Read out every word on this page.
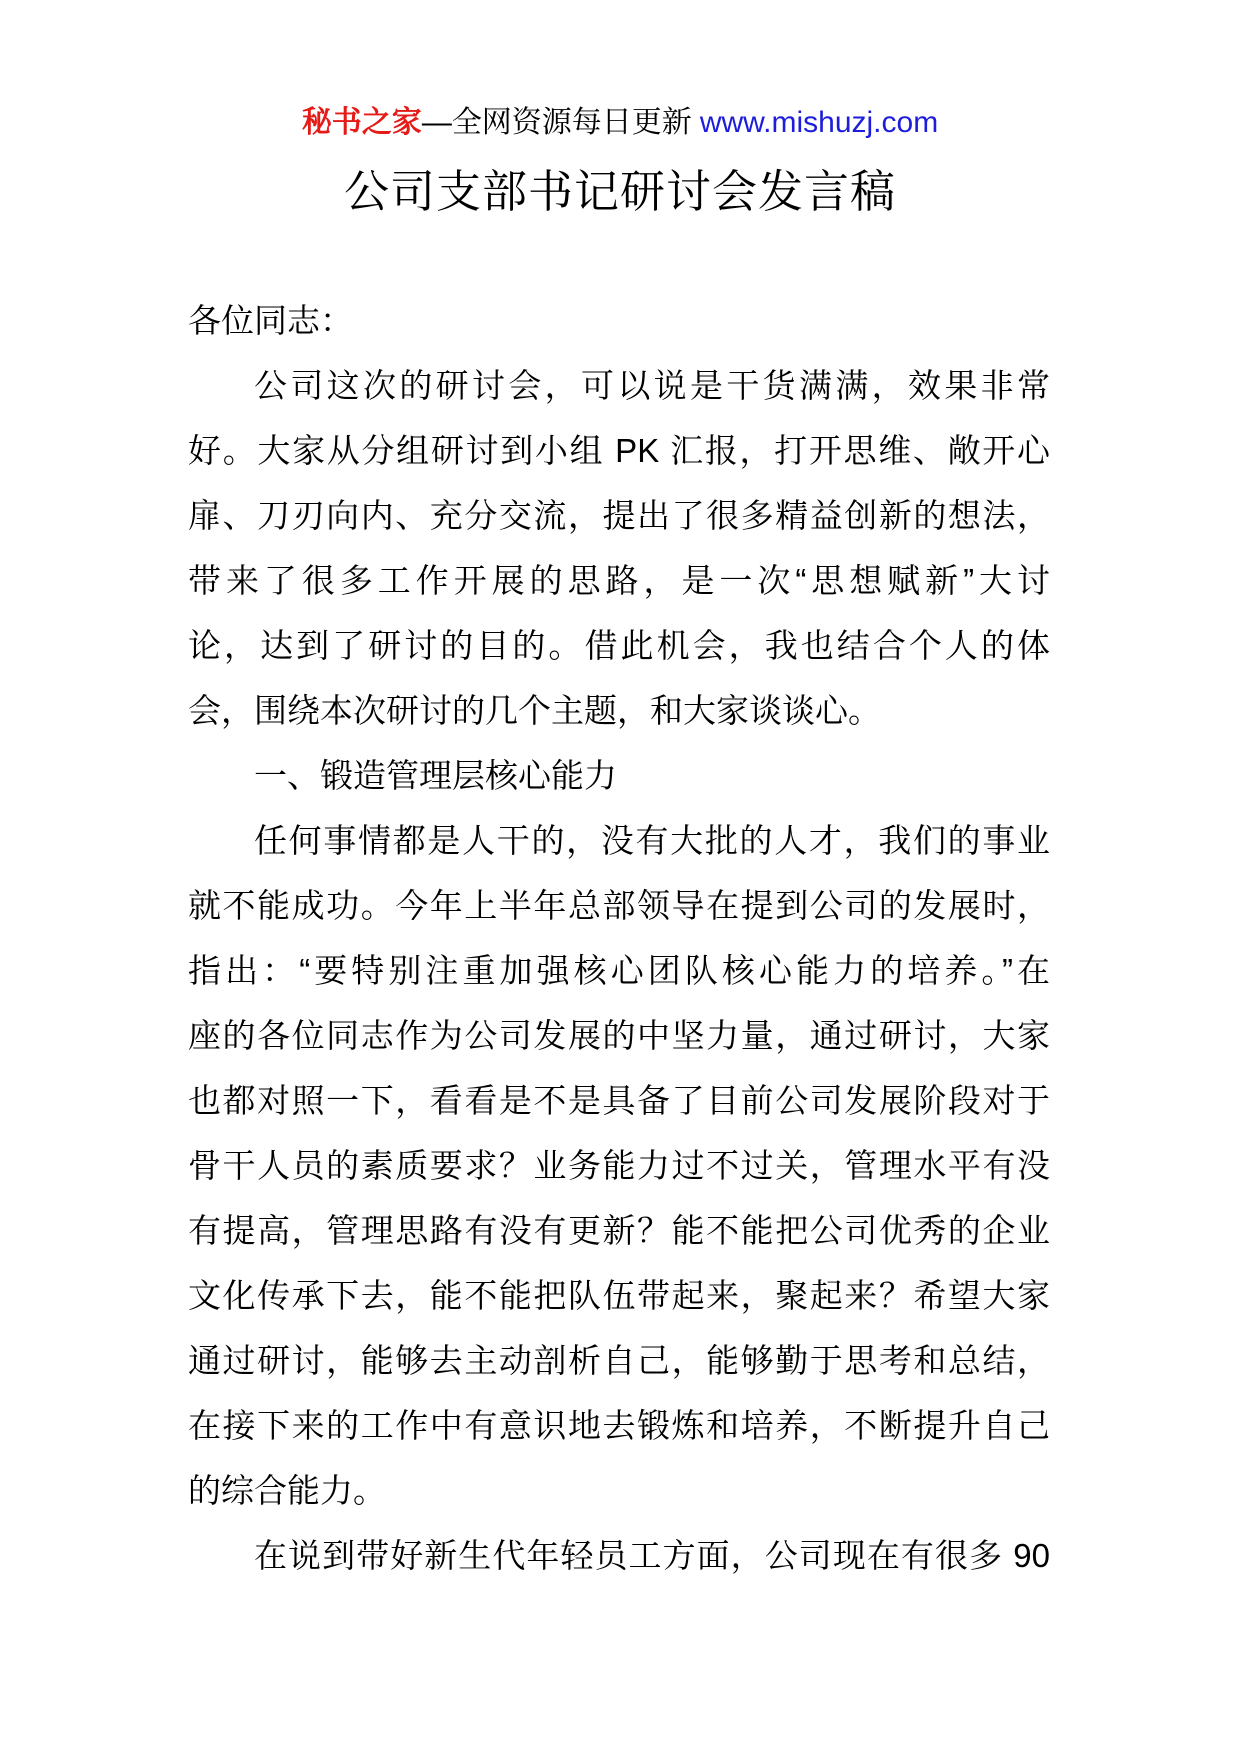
秘书之家—全网资源每日更新 www.mishuzj.com
公司支部书记研讨会发言稿
各位同志：
公司这次的研讨会，可以说是干货满满，效果非常
好。大家从分组研讨到小组 PK 汇报，打开思维、敞开心
扉、刀刃向内、充分交流，提出了很多精益创新的想法，
带来了很多工作开展的思路，是一次“思想赋新”大讨
论，达到了研讨的目的。借此机会，我也结合个人的体
会，围绕本次研讨的几个主题，和大家谈谈心。
一、锻造管理层核心能力
任何事情都是人干的，没有大批的人才，我们的事业
就不能成功。今年上半年总部领导在提到公司的发展时，
指出：“要特别注重加强核心团队核心能力的培养。”在
座的各位同志作为公司发展的中坚力量，通过研讨，大家
也都对照一下，看看是不是具备了目前公司发展阶段对于
骨干人员的素质要求？业务能力过不过关，管理水平有没
有提高，管理思路有没有更新？能不能把公司优秀的企业
文化传承下去，能不能把队伍带起来，聚起来？希望大家
通过研讨，能够去主动剖析自己，能够勤于思考和总结，
在接下来的工作中有意识地去锻炼和培养，不断提升自己
的综合能力。
在说到带好新生代年轻员工方面，公司现在有很多 90
